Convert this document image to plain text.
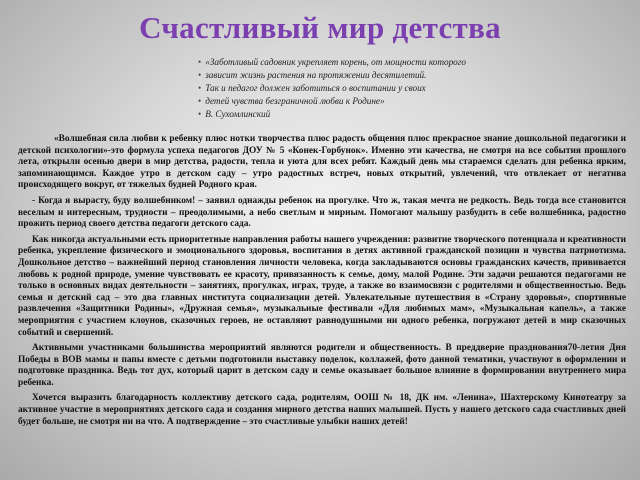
Счастливый мир детства
• «Заботливый садовник укрепляет корень, от мощности которого
• зависит жизнь растения на протяжении десятилетий.
• Так и педагог должен заботиться о воспитании у своих
• детей чувства безграничной любви к Родине»
• В. Сухомлинский

«Волшебная сила любви к ребенку плюс нотки творчества плюс радость общения плюс прекрасное знание дошкольной педагогики и детской психологии»-это формула успеха педагогов ДОУ № 5 «Конек-Горбунок». Именно эти качества, не смотря на все события прошлого лета, открыли осенью двери в мир детства, радости, тепла и уюта для всех ребят. Каждый день мы стараемся сделать для ребенка ярким, запоминающимся. Каждое утро в детском саду – утро радостных встреч, новых открытий, увлечений, что отвлекает от негатива происходящего вокруг, от тяжелых будней Родного края.

- Когда я вырасту, буду волшебником! – заявил однажды ребенок на прогулке. Что ж, такая мечта не редкость. Ведь тогда все становится веселым и интересным, трудности – преодолимыми, а небо светлым и мирным. Помогают малышу разбудить в себе волшебника, радостно прожить период своего детства педагоги детского сада.

Как никогда актуальными есть приоритетные направления работы нашего учреждения: развитие творческого потенциала и креативности ребенка, укрепление физического и эмоционального здоровья, воспитания в детях активной гражданской позиции и чувства патриотизма. Дошкольное детство – важнейший период становления личности человека, когда закладываются основы гражданских качеств, прививается любовь к родной природе, умение чувствовать ее красоту, привязанность к семье, дому, малой Родине. Эти задачи решаются педагогами не только в основных видах деятельности – занятиях, прогулках, играх, труде, а также во взаимосвязи с родителями и общественностью. Ведь семья и детский сад – это два главных института социализации детей. Увлекательные путешествия в «Страну здоровья», спортивные развлечения «Защитники Родины», «Дружная семья», музыкальные фестивали «Для любимых мам», «Музыкальная капель», а также мероприятия с участием клоунов, сказочных героев, не оставляют равнодушными ни одного ребенка, погружают детей в мир сказочных событий и свершений.

Активными участниками большинства мероприятий являются родители и общественность. В преддверие празднования70-летия Дня Победы в ВОВ мамы и папы вместе с детьми подготовили выставку поделок, коллажей, фото данной тематики, участвуют в оформлении и подготовке праздника. Ведь тот дух, который царит в детском саду и семье оказывает большое влияние в формировании внутреннего мира ребенка.

Хочется выразить благодарность коллективу детского сада, родителям, ООШ № 18, ДК им. «Ленина», Шахтерскому Кинотеатру за активное участие в мероприятиях детского сада и создания мирного детства наших малышей. Пусть у нашего детского сада счастливых дней будет больше, не смотря ни на что. А подтверждение – это счастливые улыбки наших детей!
